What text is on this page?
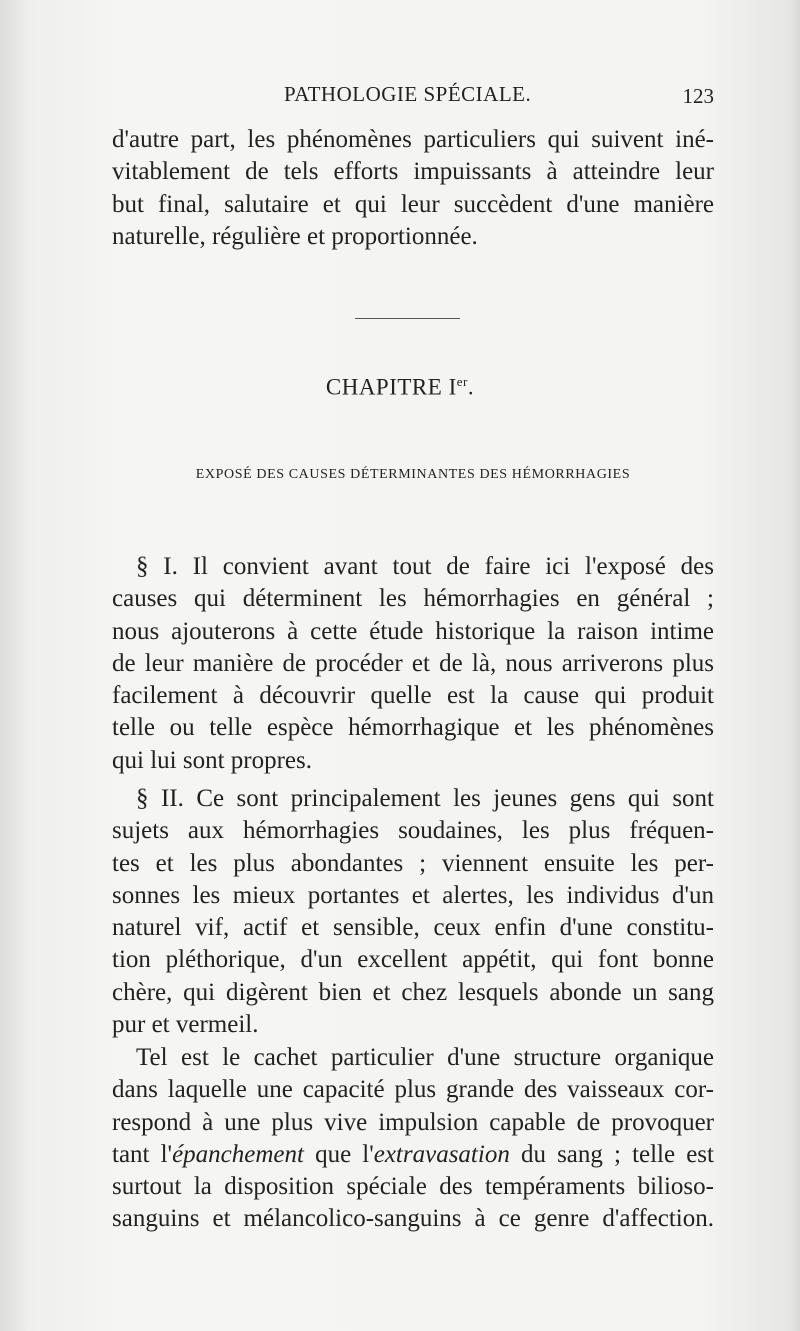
PATHOLOGIE SPÉCIALE.	123
d'autre part, les phénomènes particuliers qui suivent iné-
vitablement de tels efforts impuissants à atteindre leur
but final, salutaire et qui leur succèdent d'une manière
naturelle, régulière et proportionnée.
CHAPITRE Ier.
EXPOSÉ DES CAUSES DÉTERMINANTES DES HÉMORRHAGIES
§ I. Il convient avant tout de faire ici l'exposé des
causes qui déterminent les hémorrhagies en général ;
nous ajouterons à cette étude historique la raison intime
de leur manière de procéder et de là, nous arriverons plus
facilement à découvrir quelle est la cause qui produit
telle ou telle espèce hémorrhagique et les phénomènes
qui lui sont propres.
§ II. Ce sont principalement les jeunes gens qui sont
sujets aux hémorrhagies soudaines, les plus fréquen-
tes et les plus abondantes ; viennent ensuite les per-
sonnes les mieux portantes et alertes, les individus d'un
naturel vif, actif et sensible, ceux enfin d'une constitu-
tion pléthorique, d'un excellent appétit, qui font bonne
chère, qui digèrent bien et chez lesquels abonde un sang
pur et vermeil.
Tel est le cachet particulier d'une structure organique
dans laquelle une capacité plus grande des vaisseaux cor-
respond à une plus vive impulsion capable de provoquer
tant l'épanchement que l'extravasation du sang ; telle est
surtout la disposition spéciale des tempéraments bilioso-
sanguins et mélancolico-sanguins à ce genre d'affection.
